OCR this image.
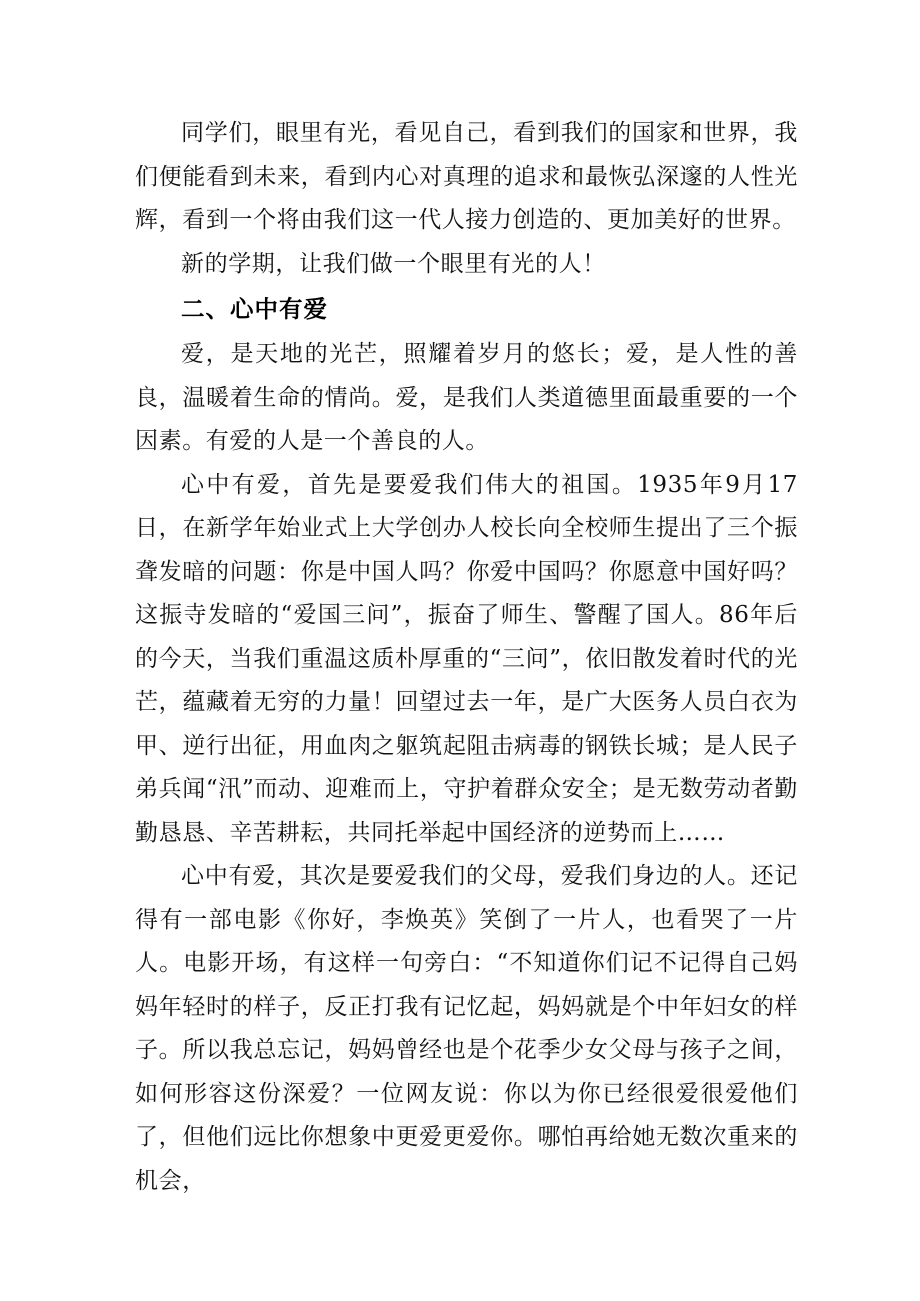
同学们，眼里有光，看见自己，看到我们的国家和世界，我们便能看到未来，看到内心对真理的追求和最恢弘深邃的人性光辉，看到一个将由我们这一代人接力创造的、更加美好的世界。

新的学期，让我们做一个眼里有光的人！

二、心中有爱

爱，是天地的光芒，照耀着岁月的悠长；爱，是人性的善良，温暖着生命的情尚。爱，是我们人类道德里面最重要的一个因素。有爱的人是一个善良的人。

心中有爱，首先是要爱我们伟大的祖国。1935年9月17日，在新学年始业式上大学创办人校长向全校师生提出了三个振聋发暗的问题：你是中国人吗？你爱中国吗？你愿意中国好吗？这振寺发暗的“爱国三问”，振奋了师生、警醒了国人。86年后的今天，当我们重温这质朴厚重的“三问”，依旧散发着时代的光芒，蕴藏着无穷的力量！回望过去一年，是广大医务人员白衣为甲、逆行出征，用血肉之躯筑起阻击病毒的钢铁长城；是人民子弟兵闻“汛”而动、迎难而上，守护着群众安全；是无数劳动者勤勤恳恳、辛苦耕耘，共同托举起中国经济的逆势而上……

心中有爱，其次是要爱我们的父母，爱我们身边的人。还记得有一部电影《你好，李焕英》笑倒了一片人，也看哭了一片人。电影开场，有这样一句旁白：“不知道你们记不记得自己妈妈年轻时的样子，反正打我有记忆起，妈妈就是个中年妇女的样子。所以我总忘记，妈妈曾经也是个花季少女父母与孩子之间，如何形容这份深爱？一位网友说：你以为你已经很爱很爱他们了，但他们远比你想象中更爱更爱你。哪怕再给她无数次重来的机会，
